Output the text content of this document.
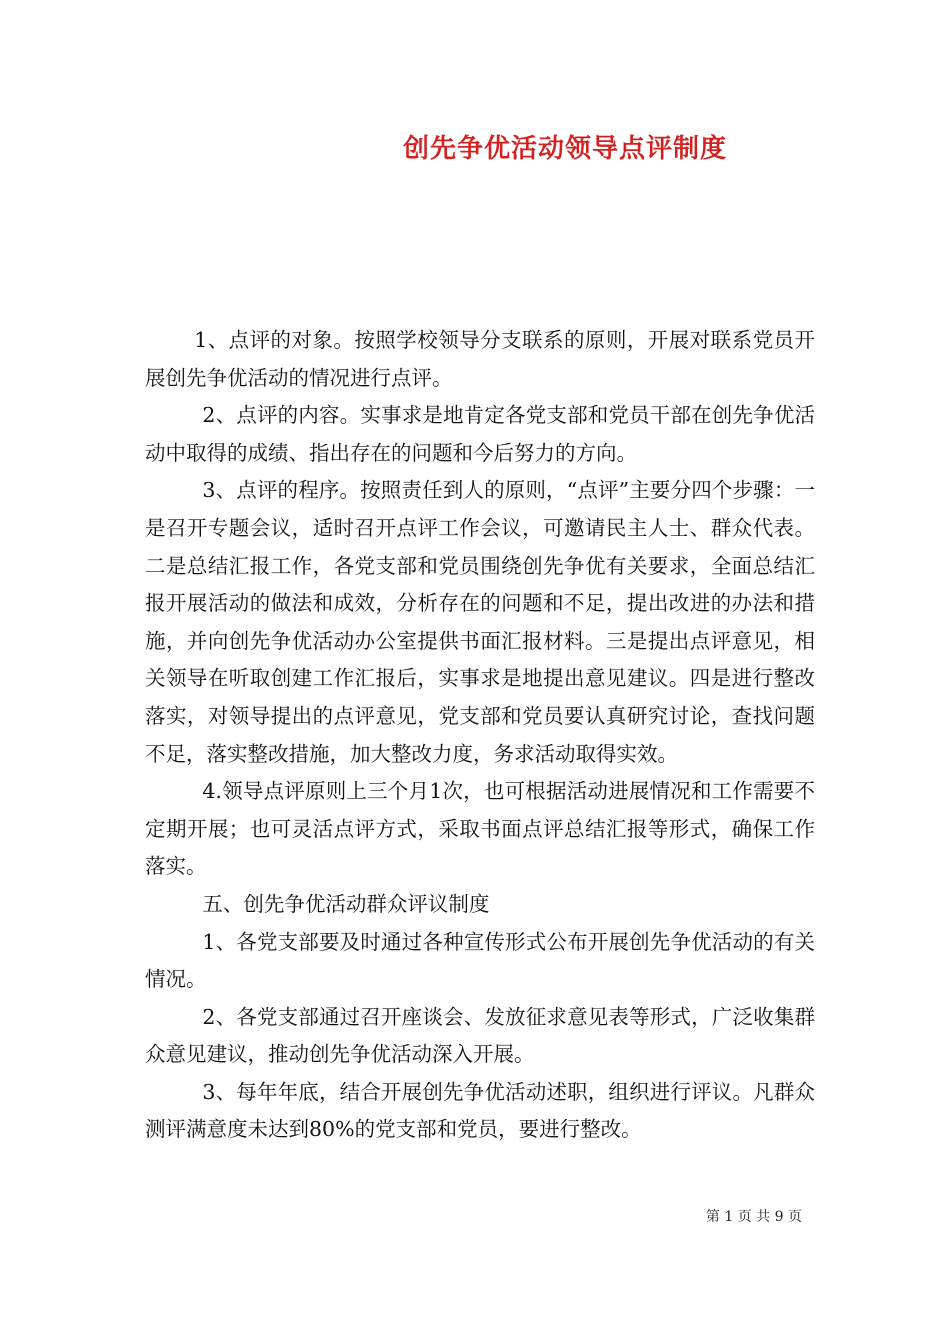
创先争优活动领导点评制度

1、点评的对象。按照学校领导分支联系的原则，开展对联系党员开展创先争优活动的情况进行点评。

2、点评的内容。实事求是地肯定各党支部和党员干部在创先争优活动中取得的成绩、指出存在的问题和今后努力的方向。

3、点评的程序。按照责任到人的原则，“点评”主要分四个步骤：一是召开专题会议，适时召开点评工作会议，可邀请民主人士、群众代表。二是总结汇报工作，各党支部和党员围绕创先争优有关要求，全面总结汇报开展活动的做法和成效，分析存在的问题和不足，提出改进的办法和措施，并向创先争优活动办公室提供书面汇报材料。三是提出点评意见，相关领导在听取创建工作汇报后，实事求是地提出意见建议。四是进行整改落实，对领导提出的点评意见，党支部和党员要认真研究讨论，查找问题不足，落实整改措施，加大整改力度，务求活动取得实效。

4.领导点评原则上三个月1次，也可根据活动进展情况和工作需要不定期开展；也可灵活点评方式，采取书面点评总结汇报等形式，确保工作落实。

五、创先争优活动群众评议制度

1、各党支部要及时通过各种宣传形式公布开展创先争优活动的有关情况。

2、各党支部通过召开座谈会、发放征求意见表等形式，广泛收集群众意见建议，推动创先争优活动深入开展。

3、每年年底，结合开展创先争优活动述职，组织进行评议。凡群众测评满意度未达到80%的党支部和党员，要进行整改。

第 1 页 共 9 页
